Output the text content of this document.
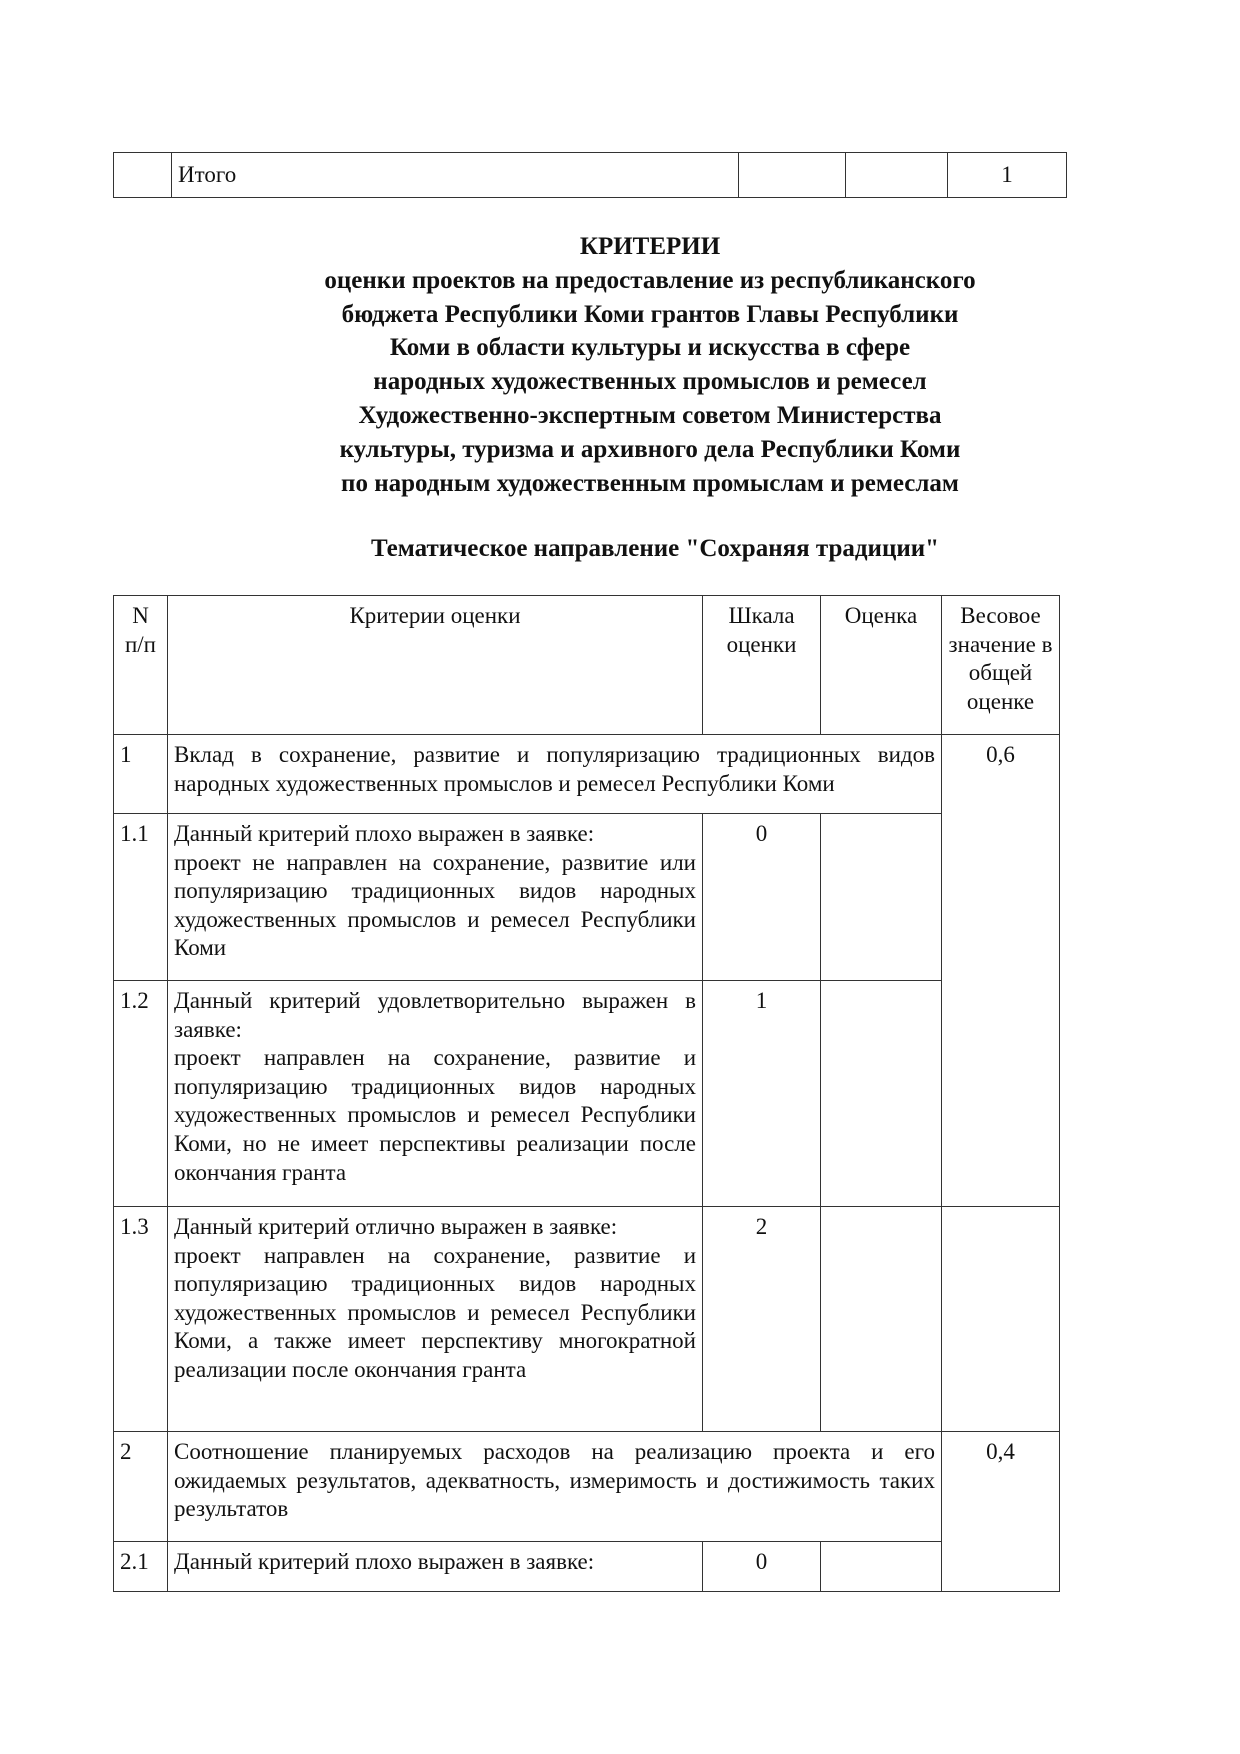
	Итого			1
КРИТЕРИИ
оценки проектов на предоставление из республиканского
бюджета Республики Коми грантов Главы Республики
Коми в области культуры и искусства в сфере
народных художественных промыслов и ремесел
Художественно-экспертным советом Министерства
культуры, туризма и архивного дела Республики Коми
по народным художественным промыслам и ремеслам
Тематическое направление "Сохраняя традиции"
N п/п	Критерии оценки	Шкала оценки	Оценка	Весовое значение в общей оценке
1	Вклад в сохранение, развитие и популяризацию традиционных видов народных художественных промыслов и ремесел Республики Коми			0,6
1.1	Данный критерий плохо выражен в заявке:
проект не направлен на сохранение, развитие или популяризацию традиционных видов народных художественных промыслов и ремесел Республики Коми	0		
1.2	Данный критерий удовлетворительно выражен в заявке:
проект направлен на сохранение, развитие и популяризацию традиционных видов народных художественных промыслов и ремесел Республики Коми, но не имеет перспективы реализации после окончания гранта	1		
1.3	Данный критерий отлично выражен в заявке:
проект направлен на сохранение, развитие и популяризацию традиционных видов народных художественных промыслов и ремесел Республики Коми, а также имеет перспективу многократной реализации после окончания гранта	2		
2	Соотношение планируемых расходов на реализацию проекта и его ожидаемых результатов, адекватность, измеримость и достижимость таких результатов			0,4
2.1	Данный критерий плохо выражен в заявке:	0		
